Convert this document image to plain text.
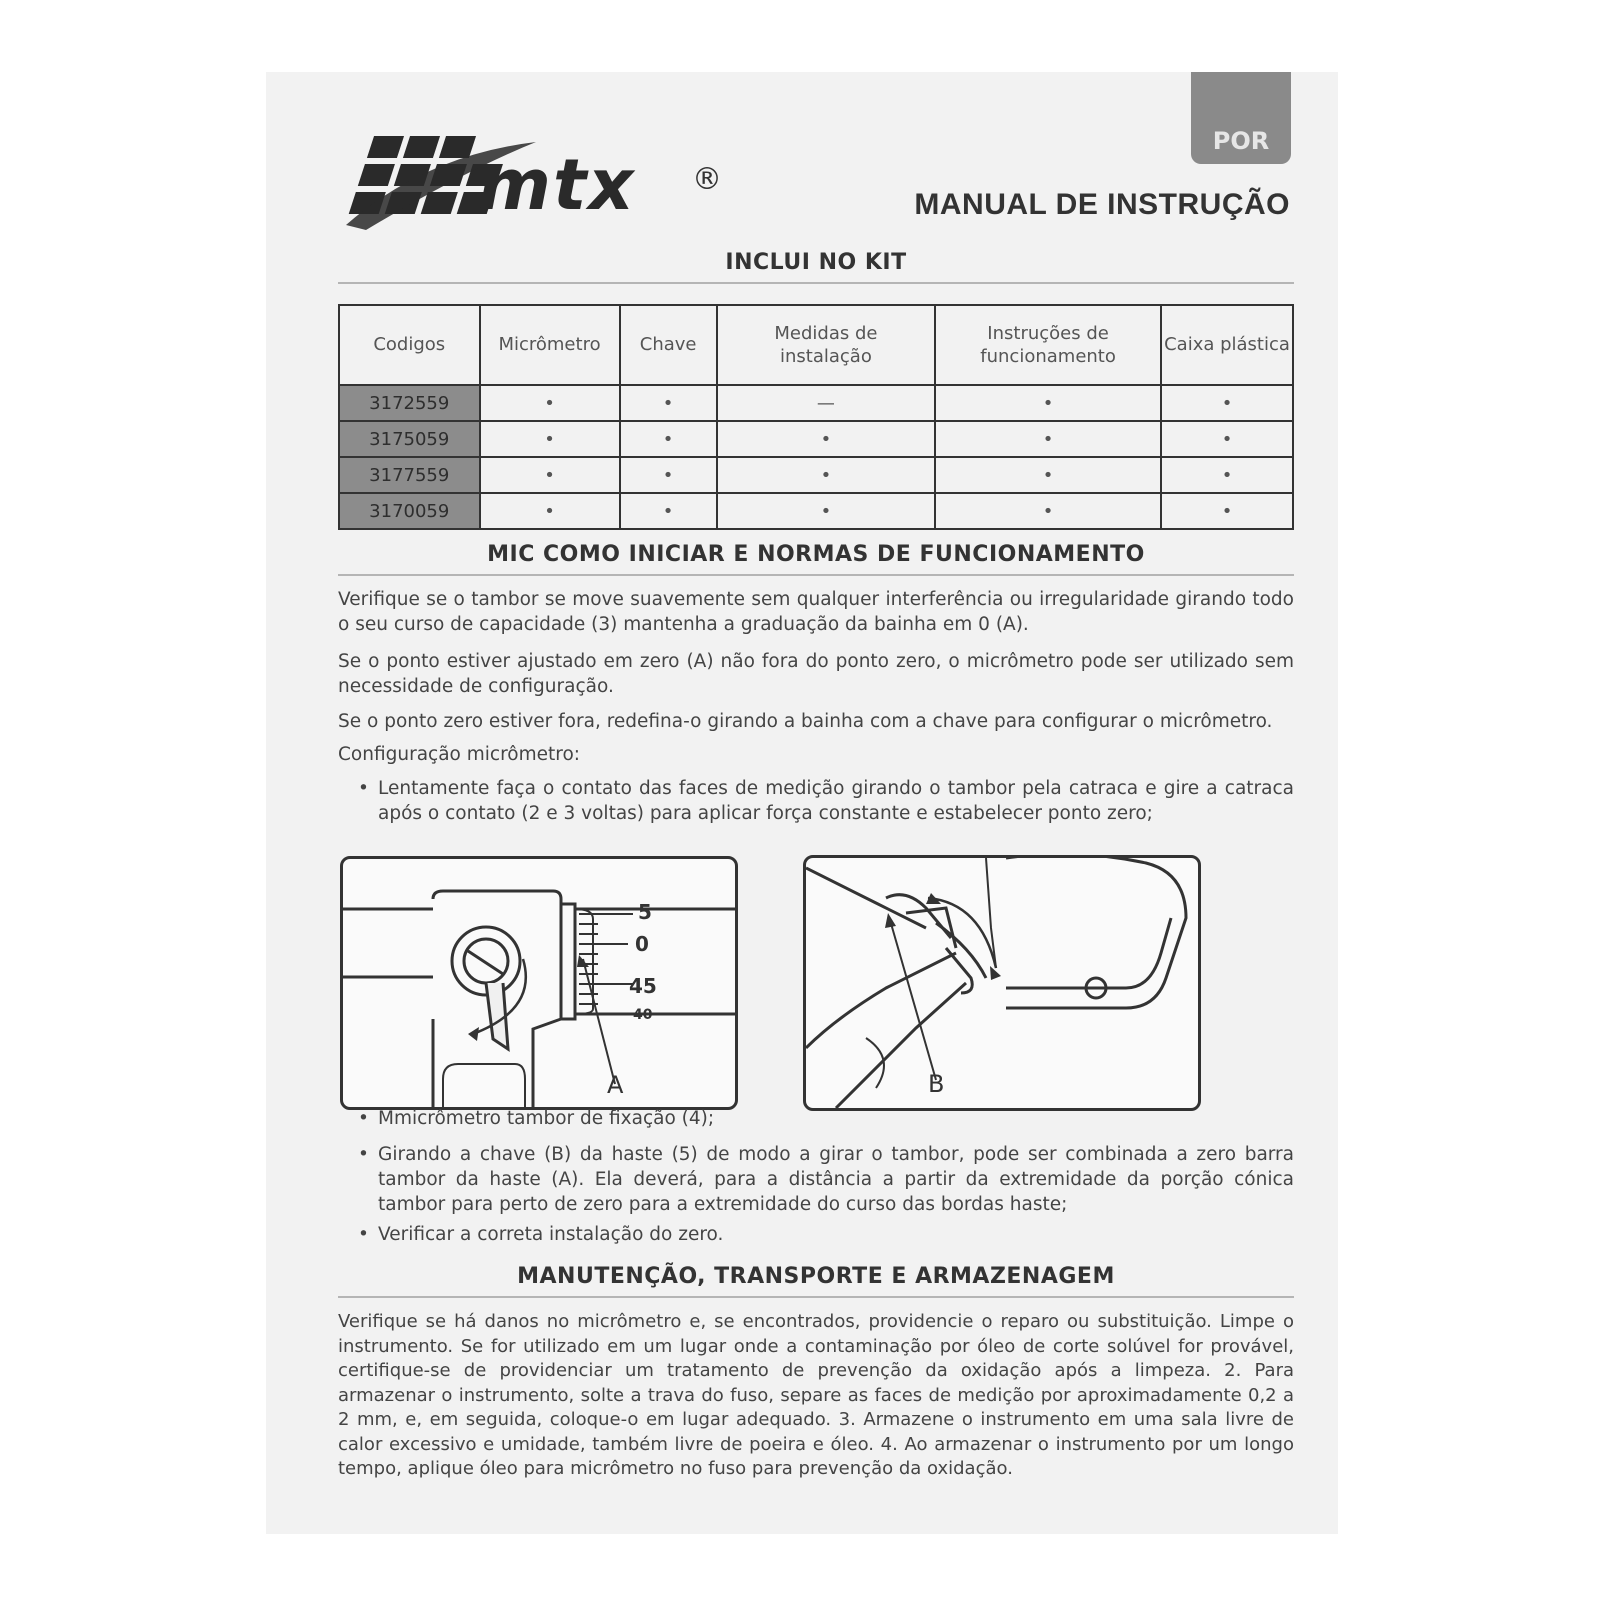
POR
mtx ®
MANUAL DE INSTRUÇÃO
INCLUI NO KIT
Codigos	Micrômetro	Chave	Medidas de instalação	Instruções de funcionamento	Caixa plástica
3172559	•	•	—	•	•
3175059	•	•	•	•	•
3177559	•	•	•	•	•
3170059	•	•	•	•	•
MIC COMO INICIAR E NORMAS DE FUNCIONAMENTO
Verifique se o tambor se move suavemente sem qualquer interferência ou irregularidade girando todo o seu curso de capacidade (3) mantenha a graduação da bainha em 0 (A).
Se o ponto estiver ajustado em zero (A) não fora do ponto zero, o micrômetro pode ser utilizado sem necessidade de configuração.
Se o ponto zero estiver fora, redefina-o girando a bainha com a chave para configurar o micrômetro.
Configuração micrômetro:
• Lentamente faça o contato das faces de medição girando o tambor pela catraca e gire a catraca após o contato (2 e 3 voltas) para aplicar força constante e estabelecer ponto zero;
5
0
45
40
A	B
• Mmicrômetro tambor de fixação (4);
• Girando a chave (B) da haste (5) de modo a girar o tambor, pode ser combinada a zero barra tambor da haste (A). Ela deverá, para a distância a partir da extremidade da porção cónica tambor para perto de zero para a extremidade do curso das bordas haste;
• Verificar a correta instalação do zero.
MANUTENÇÃO, TRANSPORTE E ARMAZENAGEM
Verifique se há danos no micrômetro e, se encontrados, providencie o reparo ou substituição. Limpe o instrumento. Se for utilizado em um lugar onde a contaminação por óleo de corte solúvel for provável, certifique-se de providenciar um tratamento de prevenção da oxidação após a limpeza. 2. Para armazenar o instrumento, solte a trava do fuso, separe as faces de medição por aproximadamente 0,2 a 2 mm, e, em seguida, coloque-o em lugar adequado. 3. Armazene o instrumento em uma sala livre de calor excessivo e umidade, também livre de poeira e óleo. 4. Ao armazenar o instrumento por um longo tempo, aplique óleo para micrômetro no fuso para prevenção da oxidação.
